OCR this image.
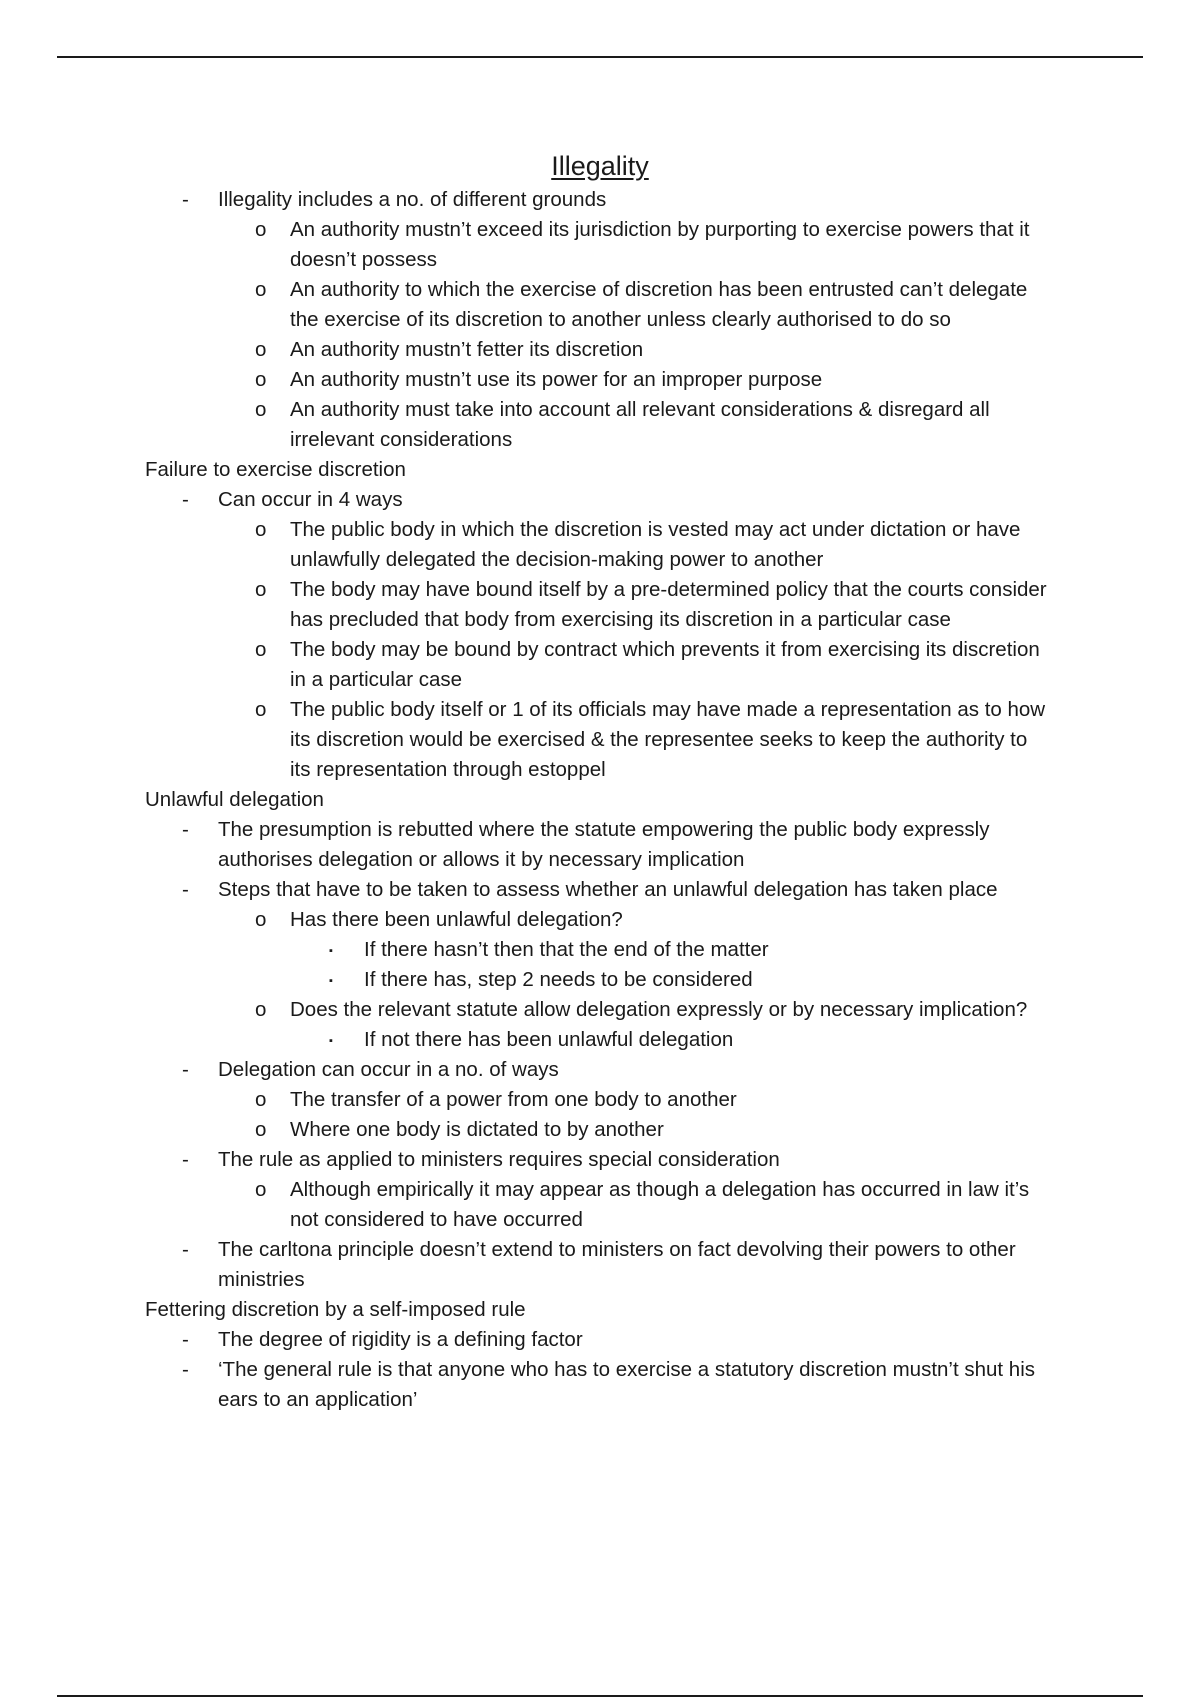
Illegality
- Illegality includes a no. of different grounds
o An authority mustn’t exceed its jurisdiction by purporting to exercise powers that it doesn’t possess
o An authority to which the exercise of discretion has been entrusted can’t delegate the exercise of its discretion to another unless clearly authorised to do so
o An authority mustn’t fetter its discretion
o An authority mustn’t use its power for an improper purpose
o An authority must take into account all relevant considerations & disregard all irrelevant considerations
Failure to exercise discretion
- Can occur in 4 ways
o The public body in which the discretion is vested may act under dictation or have unlawfully delegated the decision-making power to another
o The body may have bound itself by a pre-determined policy that the courts consider has precluded that body from exercising its discretion in a particular case
o The body may be bound by contract which prevents it from exercising its discretion in a particular case
o The public body itself or 1 of its officials may have made a representation as to how its discretion would be exercised & the representee seeks to keep the authority to its representation through estoppel
Unlawful delegation
- The presumption is rebutted where the statute empowering the public body expressly authorises delegation or allows it by necessary implication
- Steps that have to be taken to assess whether an unlawful delegation has taken place
o Has there been unlawful delegation?
▪ If there hasn’t then that the end of the matter
▪ If there has, step 2 needs to be considered
o Does the relevant statute allow delegation expressly or by necessary implication?
▪ If not there has been unlawful delegation
- Delegation can occur in a no. of ways
o The transfer of a power from one body to another
o Where one body is dictated to by another
- The rule as applied to ministers requires special consideration
o Although empirically it may appear as though a delegation has occurred in law it’s not considered to have occurred
- The carltona principle doesn’t extend to ministers on fact devolving their powers to other ministries
Fettering discretion by a self-imposed rule
- The degree of rigidity is a defining factor
- ‘The general rule is that anyone who has to exercise a statutory discretion mustn’t shut his ears to an application’
